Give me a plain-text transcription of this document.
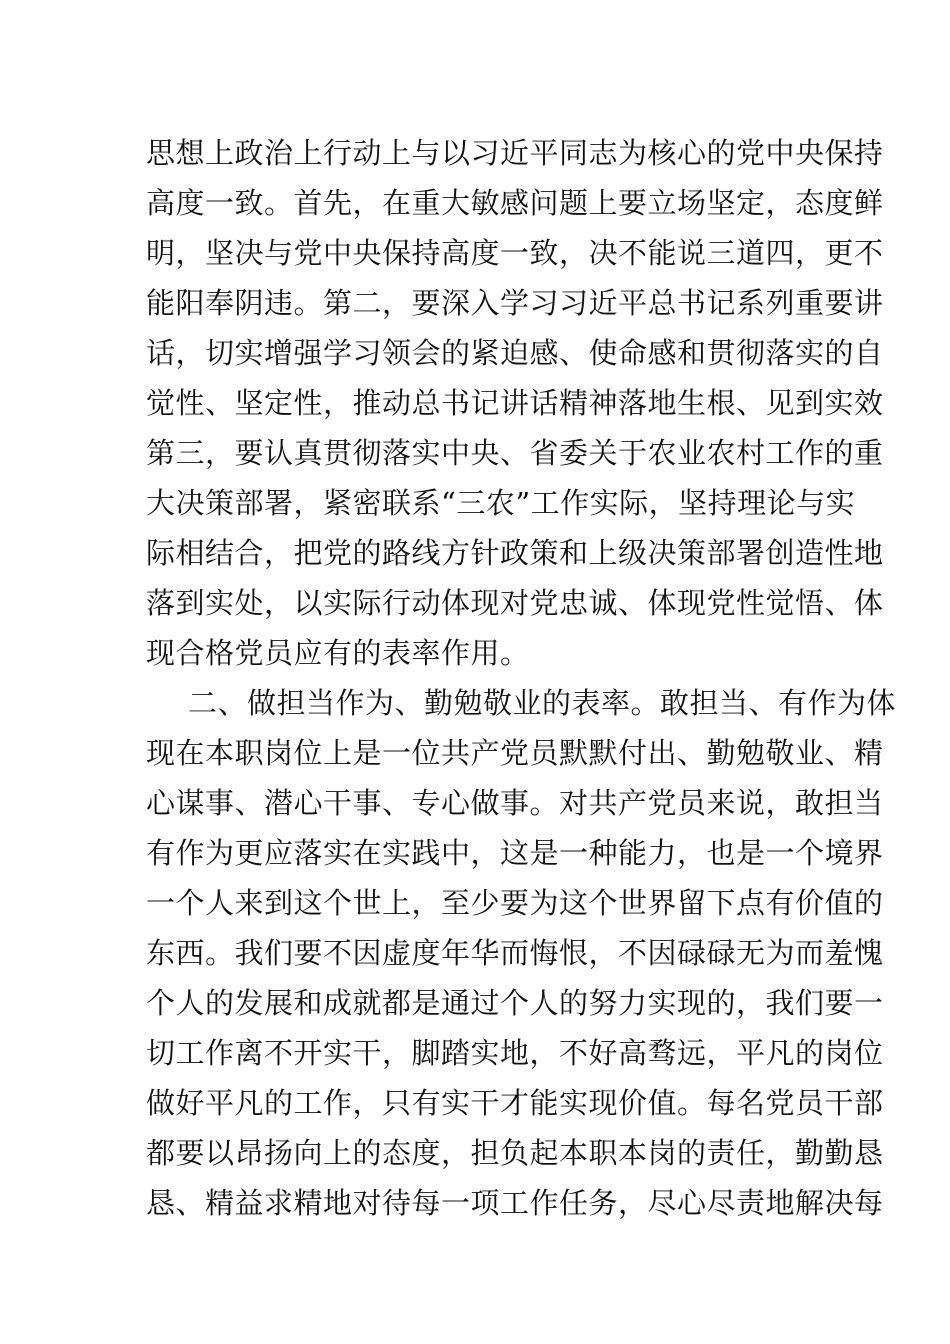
思想上政治上行动上与以习近平同志为核心的党中央保持
高度一致。首先，在重大敏感问题上要立场坚定，态度鲜
明，坚决与党中央保持高度一致，决不能说三道四，更不
能阳奉阴违。第二，要深入学习习近平总书记系列重要讲
话，切实增强学习领会的紧迫感、使命感和贯彻落实的自
觉性、坚定性，推动总书记讲话精神落地生根、见到实效
第三，要认真贯彻落实中央、省委关于农业农村工作的重
大决策部署，紧密联系“三农”工作实际，坚持理论与实
际相结合，把党的路线方针政策和上级决策部署创造性地
落到实处，以实际行动体现对党忠诚、体现党性觉悟、体
现合格党员应有的表率作用。
二、做担当作为、勤勉敬业的表率。敢担当、有作为体
现在本职岗位上是一位共产党员默默付出、勤勉敬业、精
心谋事、潜心干事、专心做事。对共产党员来说，敢担当
有作为更应落实在实践中，这是一种能力，也是一个境界
一个人来到这个世上，至少要为这个世界留下点有价值的
东西。我们要不因虚度年华而悔恨，不因碌碌无为而羞愧
个人的发展和成就都是通过个人的努力实现的，我们要一
切工作离不开实干，脚踏实地，不好高骛远，平凡的岗位
做好平凡的工作，只有实干才能实现价值。每名党员干部
都要以昂扬向上的态度，担负起本职本岗的责任，勤勤恳
恳、精益求精地对待每一项工作任务，尽心尽责地解决每
